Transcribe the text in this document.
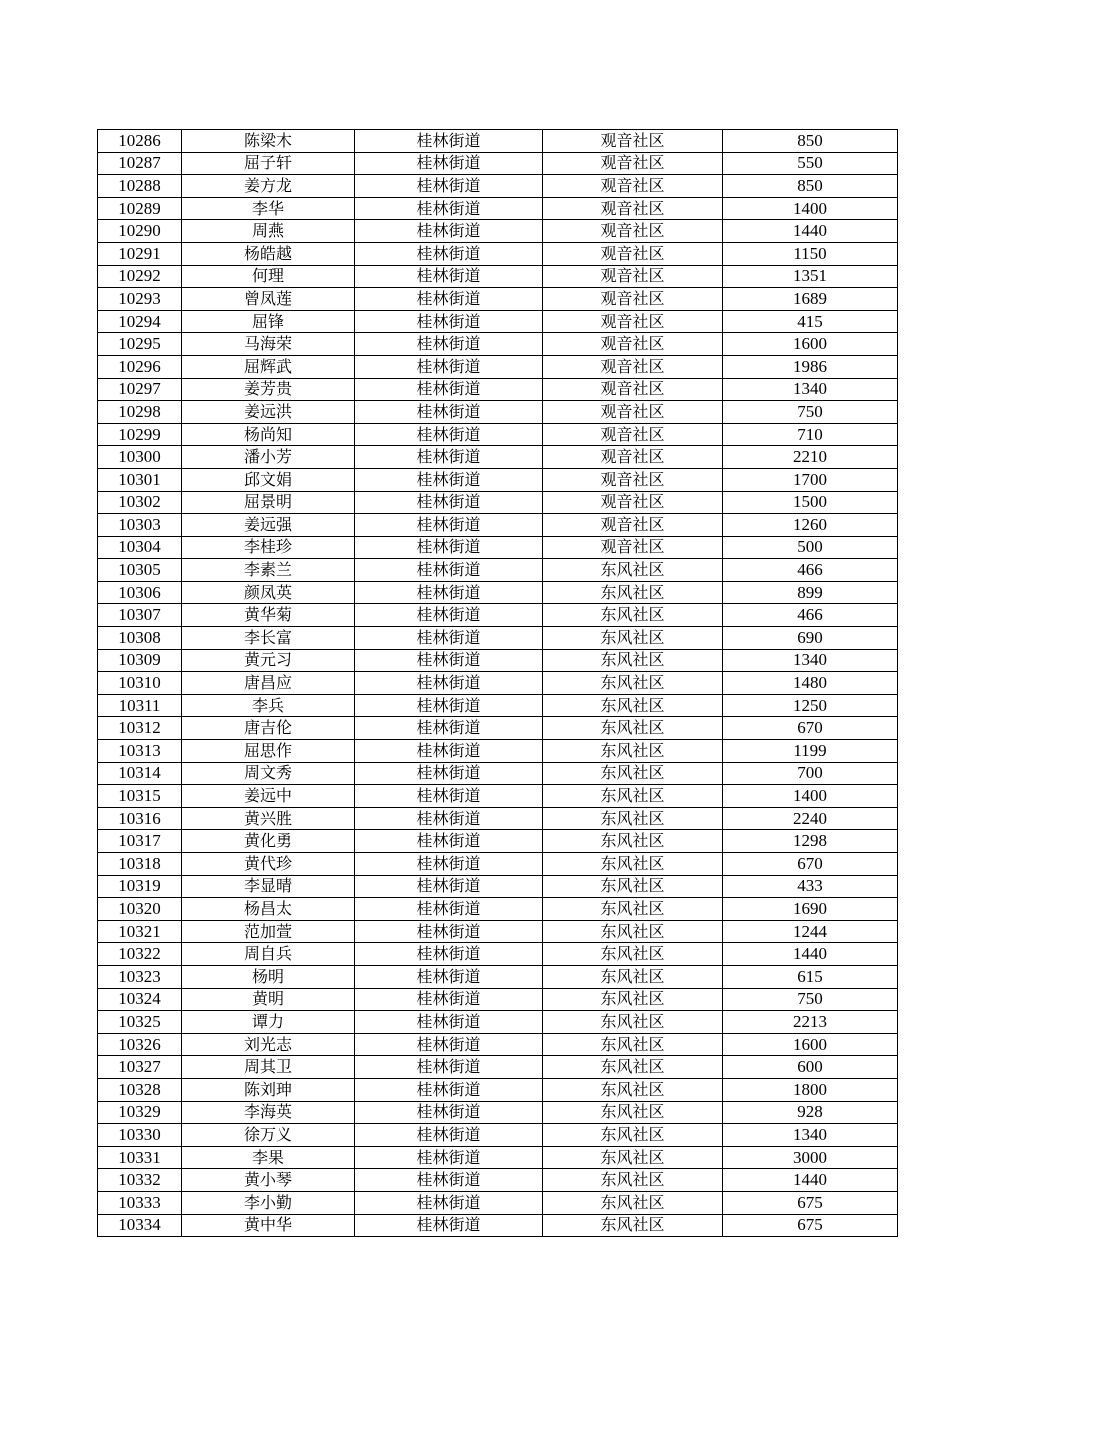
10286	陈梁木	桂林街道	观音社区	850
10287	屈子轩	桂林街道	观音社区	550
10288	姜方龙	桂林街道	观音社区	850
10289	李华	桂林街道	观音社区	1400
10290	周燕	桂林街道	观音社区	1440
10291	杨皓越	桂林街道	观音社区	1150
10292	何理	桂林街道	观音社区	1351
10293	曾凤莲	桂林街道	观音社区	1689
10294	屈锋	桂林街道	观音社区	415
10295	马海荣	桂林街道	观音社区	1600
10296	屈辉武	桂林街道	观音社区	1986
10297	姜芳贵	桂林街道	观音社区	1340
10298	姜远洪	桂林街道	观音社区	750
10299	杨尚知	桂林街道	观音社区	710
10300	潘小芳	桂林街道	观音社区	2210
10301	邱文娟	桂林街道	观音社区	1700
10302	屈景明	桂林街道	观音社区	1500
10303	姜远强	桂林街道	观音社区	1260
10304	李桂珍	桂林街道	观音社区	500
10305	李素兰	桂林街道	东风社区	466
10306	颜凤英	桂林街道	东风社区	899
10307	黄华菊	桂林街道	东风社区	466
10308	李长富	桂林街道	东风社区	690
10309	黄元习	桂林街道	东风社区	1340
10310	唐昌应	桂林街道	东风社区	1480
10311	李兵	桂林街道	东风社区	1250
10312	唐吉伦	桂林街道	东风社区	670
10313	屈思作	桂林街道	东风社区	1199
10314	周文秀	桂林街道	东风社区	700
10315	姜远中	桂林街道	东风社区	1400
10316	黄兴胜	桂林街道	东风社区	2240
10317	黄化勇	桂林街道	东风社区	1298
10318	黄代珍	桂林街道	东风社区	670
10319	李显晴	桂林街道	东风社区	433
10320	杨昌太	桂林街道	东风社区	1690
10321	范加萱	桂林街道	东风社区	1244
10322	周自兵	桂林街道	东风社区	1440
10323	杨明	桂林街道	东风社区	615
10324	黄明	桂林街道	东风社区	750
10325	谭力	桂林街道	东风社区	2213
10326	刘光志	桂林街道	东风社区	1600
10327	周其卫	桂林街道	东风社区	600
10328	陈刘珅	桂林街道	东风社区	1800
10329	李海英	桂林街道	东风社区	928
10330	徐万义	桂林街道	东风社区	1340
10331	李果	桂林街道	东风社区	3000
10332	黄小琴	桂林街道	东风社区	1440
10333	李小勤	桂林街道	东风社区	675
10334	黄中华	桂林街道	东风社区	675
